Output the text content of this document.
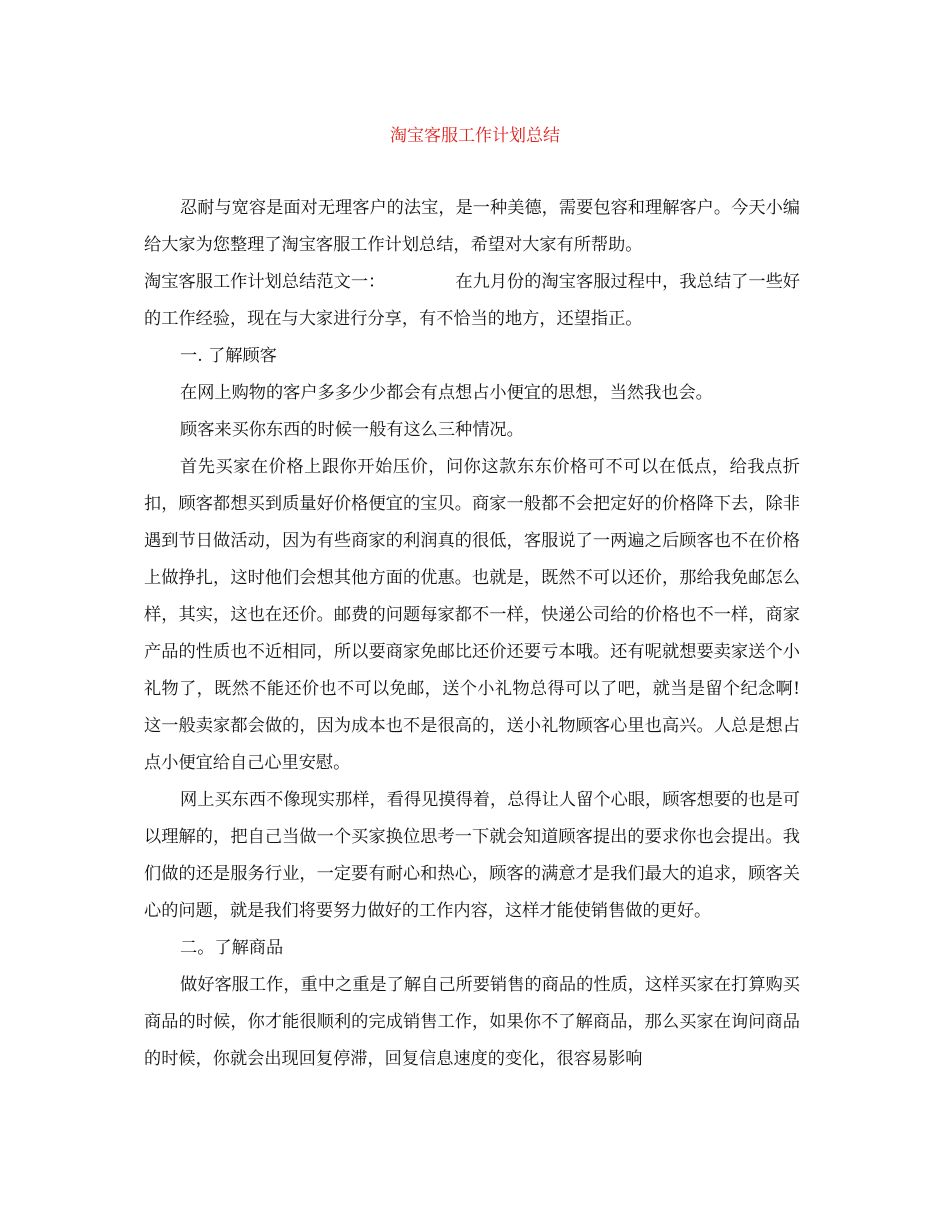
淘宝客服工作计划总结

忍耐与宽容是面对无理客户的法宝，是一种美德，需要包容和理解客户。今天小编给大家为您整理了淘宝客服工作计划总结，希望对大家有所帮助。

淘宝客服工作计划总结范文一：	在九月份的淘宝客服过程中，我总结了一些好的工作经验，现在与大家进行分享，有不恰当的地方，还望指正。

一. 了解顾客

在网上购物的客户多多少少都会有点想占小便宜的思想，当然我也会。

顾客来买你东西的时候一般有这么三种情况。

首先买家在价格上跟你开始压价，问你这款东东价格可不可以在低点，给我点折扣，顾客都想买到质量好价格便宜的宝贝。商家一般都不会把定好的价格降下去，除非遇到节日做活动，因为有些商家的利润真的很低，客服说了一两遍之后顾客也不在价格上做挣扎，这时他们会想其他方面的优惠。也就是，既然不可以还价，那给我免邮怎么样，其实，这也在还价。邮费的问题每家都不一样，快递公司给的价格也不一样，商家产品的性质也不近相同，所以要商家免邮比还价还要亏本哦。还有呢就想要卖家送个小礼物了，既然不能还价也不可以免邮，送个小礼物总得可以了吧，就当是留个纪念啊!这一般卖家都会做的，因为成本也不是很高的，送小礼物顾客心里也高兴。人总是想占点小便宜给自己心里安慰。

网上买东西不像现实那样，看得见摸得着，总得让人留个心眼，顾客想要的也是可以理解的，把自己当做一个买家换位思考一下就会知道顾客提出的要求你也会提出。我们做的还是服务行业，一定要有耐心和热心，顾客的满意才是我们最大的追求，顾客关心的问题，就是我们将要努力做好的工作内容，这样才能使销售做的更好。

二。了解商品

做好客服工作，重中之重是了解自己所要销售的商品的性质，这样买家在打算购买商品的时候，你才能很顺利的完成销售工作，如果你不了解商品，那么买家在询问商品的时候，你就会出现回复停滞，回复信息速度的变化，很容易影响
